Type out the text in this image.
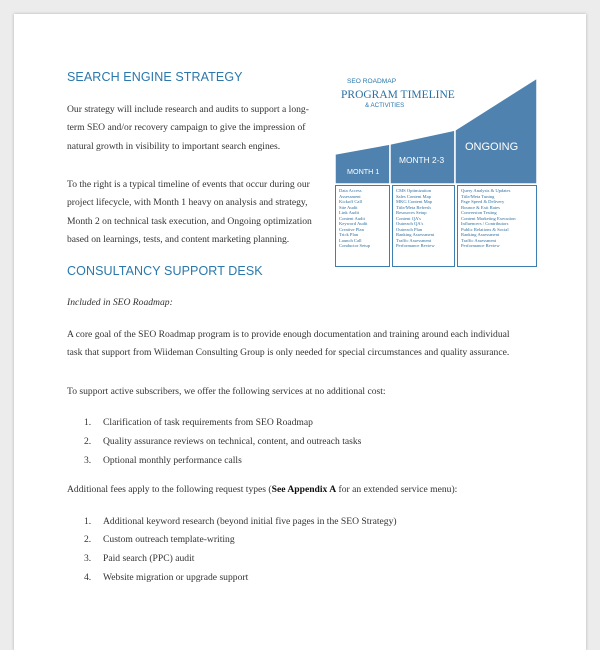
SEARCH ENGINE STRATEGY
Our strategy will include research and audits to support a long-
term SEO and/or recovery campaign to give the impression of
natural growth in visibility to important search engines.
To the right is a typical timeline of events that occur during our
project lifecycle, with Month 1 heavy on analysis and strategy,
Month 2 on technical task execution, and Ongoing optimization
based on learnings, tests, and content marketing planning.
SEO ROADMAP
PROGRAM TIMELINE
& ACTIVITIES
MONTH 1
MONTH 2-3
ONGOING
Data Access
Assessment
Kickoff Call
Site Audit
Link Audit
Content Audit
Keyword Audit
Creative Plan
Trick Plan
Launch Call
Conductor Setup
CMS Optimization
Sales Content Map
MKG Content Map
Title/Meta Refresh
Resources Setup
Content QA's
Outreach QA's
Outreach Plan
Ranking Assessment
Traffic Assessment
Performance Review
Query Analysis & Updates
Title/Meta Tuning
Page Speed & Delivery
Bounce & Exit Rates
Conversion Testing
Content Marketing Execution
Influencers / Contributors
Public Relations & Social
Ranking Assessment
Traffic Assessment
Performance Review
CONSULTANCY SUPPORT DESK
Included in SEO Roadmap:
A core goal of the SEO Roadmap program is to provide enough documentation and training around each individual
task that support from Wiideman Consulting Group is only needed for special circumstances and quality assurance.
To support active subscribers, we offer the following services at no additional cost:
1. Clarification of task requirements from SEO Roadmap
2. Quality assurance reviews on technical, content, and outreach tasks
3. Optional monthly performance calls
Additional fees apply to the following request types (See Appendix A for an extended service menu):
1. Additional keyword research (beyond initial five pages in the SEO Strategy)
2. Custom outreach template-writing
3. Paid search (PPC) audit
4. Website migration or upgrade support
